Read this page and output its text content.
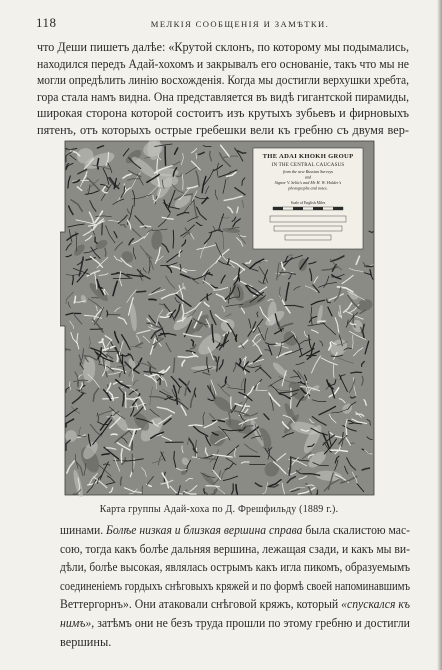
118	МЕЛКІЯ СООБЩЕНІЯ И ЗАМѢТКИ.
что Деши пишетъ далѣе: «Крутой склонъ, по которому мы подымались,
находился передъ Адай-хохомъ и закрывалъ его основаніе, такъ что мы не
могли опредѣлить линію восхожденія. Когда мы достигли верхушки хребта,
гора стала намъ видна. Она представляется въ видѣ гигантской пирамиды,
широкая сторона которой состоитъ изъ крутыхъ зубьевъ и фирновыхъ
пятенъ, отъ которыхъ острые гребешки вели къ гребню съ двумя вер-
THE ADAI KHOKH GROUP
IN THE CENTRAL CAUCASUS
from the new Russian Surveys
and
Signor V. Sella's and Mr H. W. Holder's
photographs and notes.
Scale of English Miles
Карта группы Адай-хоха по Д. Фрешфильду (1889 г.).
шинами. Болѣе низкая и близкая вершина справа была скалистою мас-
сою, тогда какъ болѣе дальняя вершина, лежащая сзади, и какъ мы ви-
дѣли, болѣе высокая, являлась острымъ какъ игла пикомъ, образуемымъ
соединеніемъ гордыхъ снѣговыхъ кряжей и по формѣ своей напоминавшимъ
Веттергорнъ». Они атаковали снѣговой кряжъ, который «спускался къ
нимъ», затѣмъ они не безъ труда прошли по этому гребню и достигли
вершины.
